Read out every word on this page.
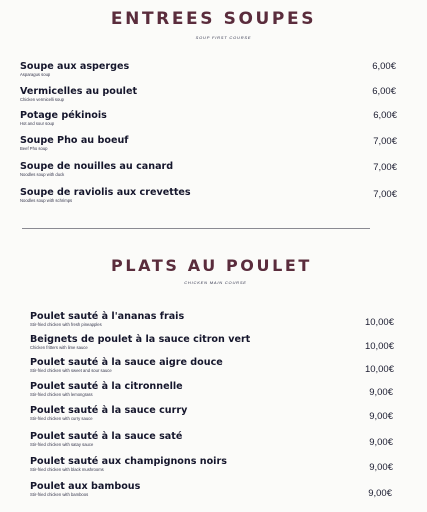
ENTREES SOUPES
SOUP FIRST COURSE
Soupe aux asperges
Asparagus soup
6,00€
Vermicelles au poulet
Chicken vermicelli soup
6,00€
Potage pékinois
Hot and sour soup
6,00€
Soupe Pho au boeuf
Beef Pho soup
7,00€
Soupe de nouilles au canard
Noodles soup with duck
7,00€
Soupe de raviolis aux crevettes
Noodles soup with schrimps
7,00€
PLATS AU POULET
CHICKEN MAIN COURSE
Poulet sauté à l'ananas frais
Stir-fried chicken with fresh pineapples	10,00€
Beignets de poulet à la sauce citron vert
Chicken fritters with lime sauce	10,00€
Poulet sauté à la sauce aigre douce
Stir-fried chicken with sweet and sour sauce	10,00€
Poulet sauté à la citronnelle
Stir-fried chicken with lemongrass	9,00€
Poulet sauté à la sauce curry
Stir-fried chicken with curry sauce	9,00€
Poulet sauté à la sauce saté
Stir-fried chicken with satay sauce	9,00€
Poulet sauté aux champignons noirs
Stir-fried chicken with black mushrooms	9,00€
Poulet aux bambous
Stir-fried chicken with bamboos	9,00€
